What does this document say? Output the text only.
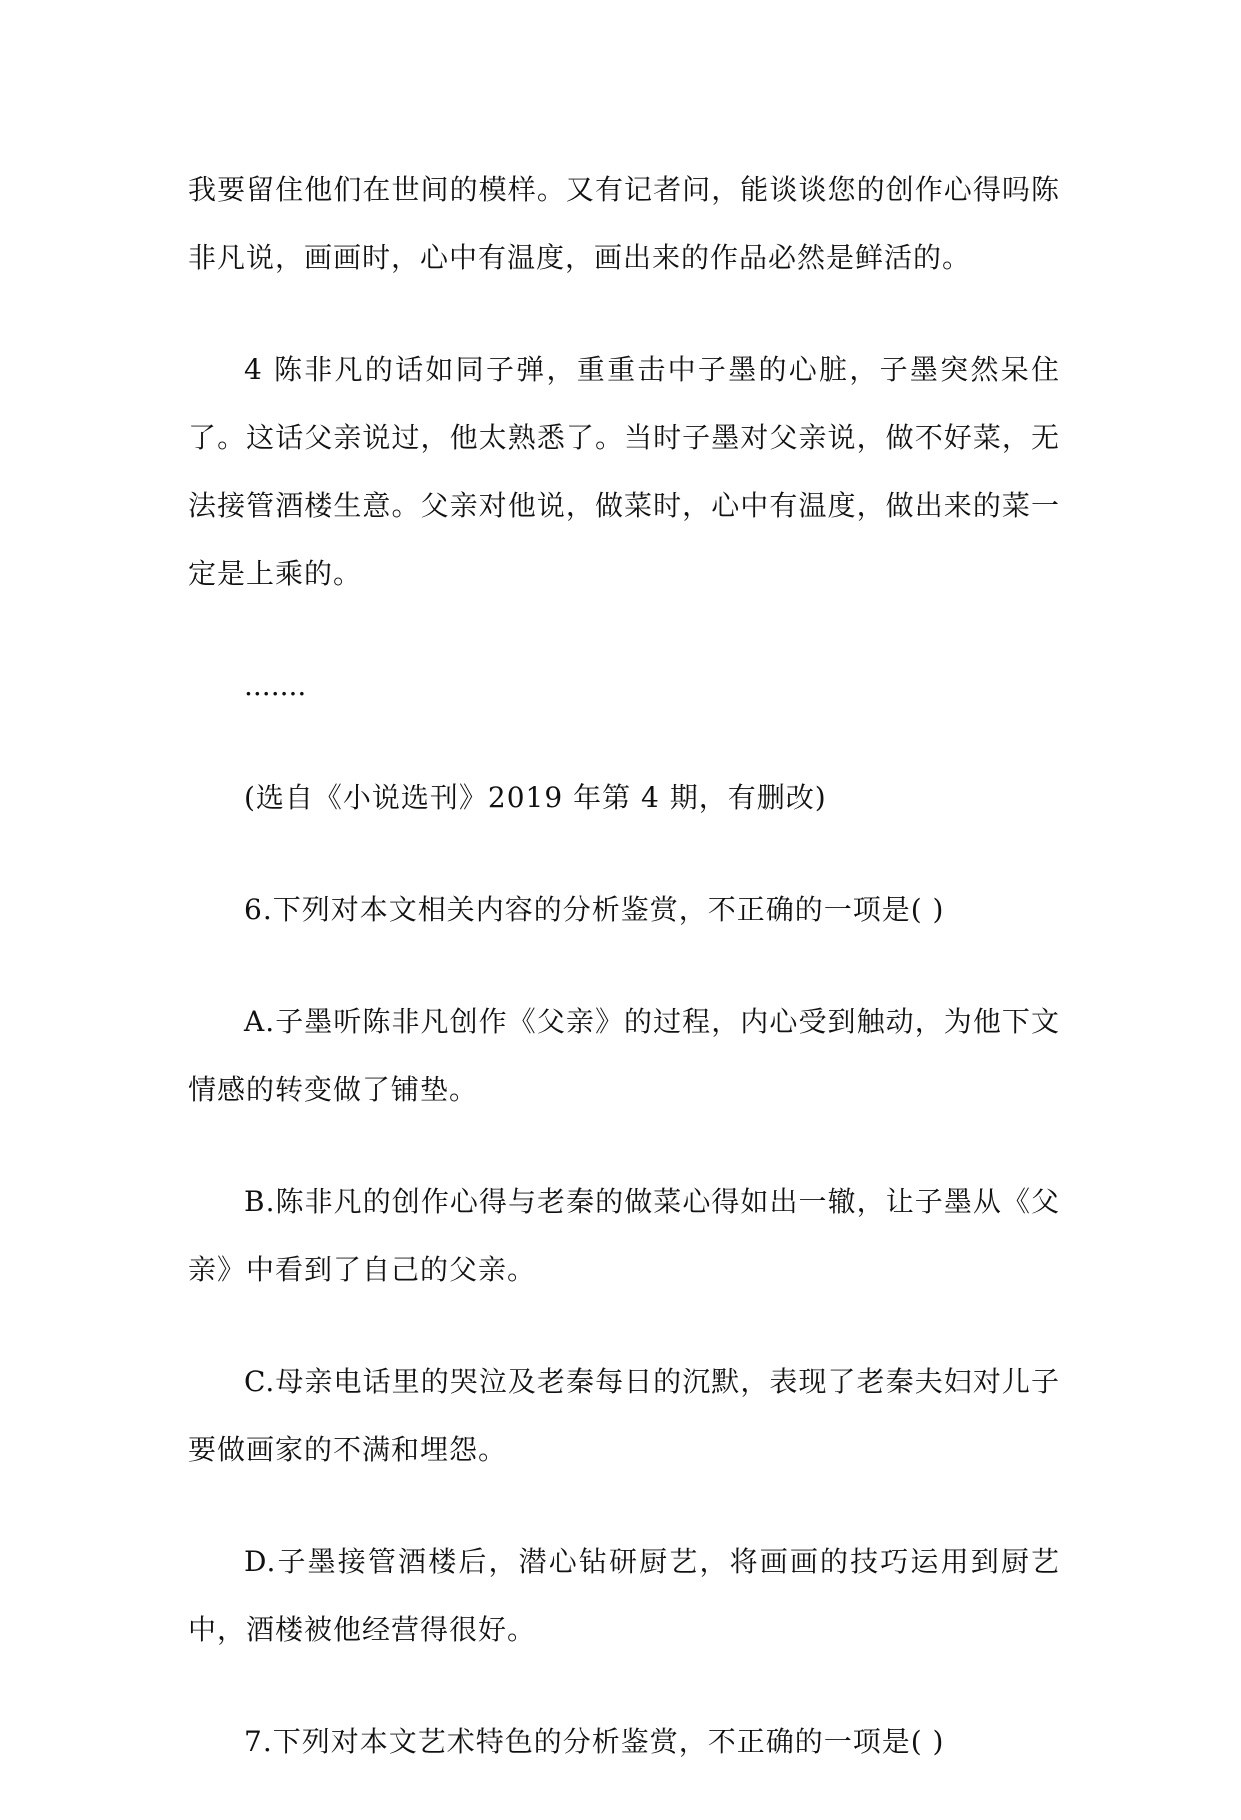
我要留住他们在世间的模样。又有记者问，能谈谈您的创作心得吗陈非凡说，画画时，心中有温度，画出来的作品必然是鲜活的。

4 陈非凡的话如同子弹，重重击中子墨的心脏，子墨突然呆住了。这话父亲说过，他太熟悉了。当时子墨对父亲说，做不好菜，无法接管酒楼生意。父亲对他说，做菜时，心中有温度，做出来的菜一定是上乘的。

.......

(选自《小说选刊》2019 年第 4 期，有删改)

6.下列对本文相关内容的分析鉴赏，不正确的一项是( )

A.子墨听陈非凡创作《父亲》的过程，内心受到触动，为他下文情感的转变做了铺垫。

B.陈非凡的创作心得与老秦的做菜心得如出一辙，让子墨从《父亲》中看到了自己的父亲。

C.母亲电话里的哭泣及老秦每日的沉默，表现了老秦夫妇对儿子要做画家的不满和埋怨。

D.子墨接管酒楼后，潜心钻研厨艺，将画画的技巧运用到厨艺中，酒楼被他经营得很好。

7.下列对本文艺术特色的分析鉴赏，不正确的一项是( )
